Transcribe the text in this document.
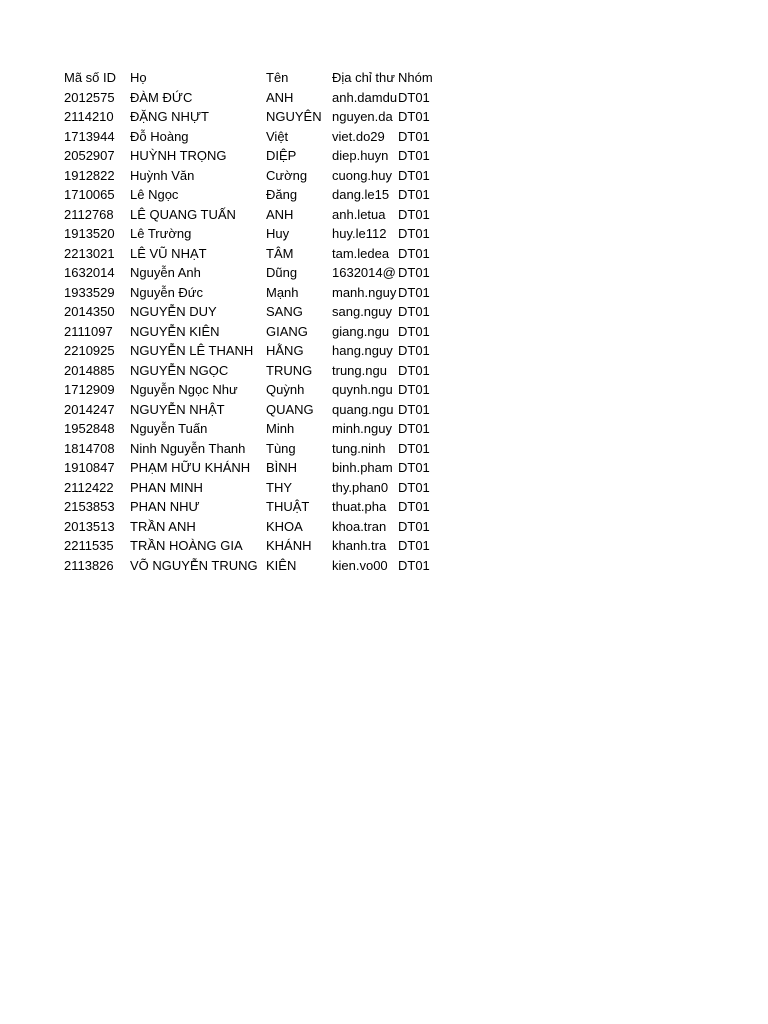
Mã số ID	Họ	Tên	Địa chỉ thư	Nhóm
2012575	ĐÀM ĐỨC	ANH	anh.damdu	DT01
2114210	ĐẶNG NHỰT	NGUYÊN	nguyen.da	DT01
1713944	Đỗ Hoàng	Việt	viet.do29	DT01
2052907	HUỲNH TRỌNG	DIỆP	diep.huyn	DT01
1912822	Huỳnh Văn	Cường	cuong.huy	DT01
1710065	Lê Ngọc	Đăng	dang.le15	DT01
2112768	LÊ QUANG TUẤN	ANH	anh.letua	DT01
1913520	Lê Trường	Huy	huy.le112	DT01
2213021	LÊ VŨ NHẠT	TÂM	tam.ledea	DT01
1632014	Nguyễn Anh	Dũng	1632014@	DT01
1933529	Nguyễn Đức	Mạnh	manh.nguy	DT01
2014350	NGUYỄN DUY	SANG	sang.nguy	DT01
2111097	NGUYỄN KIÊN	GIANG	giang.ngu	DT01
2210925	NGUYỄN LÊ THANH	HẰNG	hang.nguy	DT01
2014885	NGUYỄN NGỌC	TRUNG	trung.ngu	DT01
1712909	Nguyễn Ngọc Như	Quỳnh	quynh.ngu	DT01
2014247	NGUYỄN NHẬT	QUANG	quang.ngu	DT01
1952848	Nguyễn Tuấn	Minh	minh.nguy	DT01
1814708	Ninh Nguyễn Thanh	Tùng	tung.ninh	DT01
1910847	PHẠM HỮU KHÁNH	BÌNH	binh.pham	DT01
2112422	PHAN MINH	THY	thy.phan0	DT01
2153853	PHAN NHƯ	THUẬT	thuat.pha	DT01
2013513	TRẦN ANH	KHOA	khoa.tran	DT01
2211535	TRẦN HOÀNG GIA	KHÁNH	khanh.tra	DT01
2113826	VÕ NGUYỄN TRUNG	KIÊN	kien.vo00	DT01
